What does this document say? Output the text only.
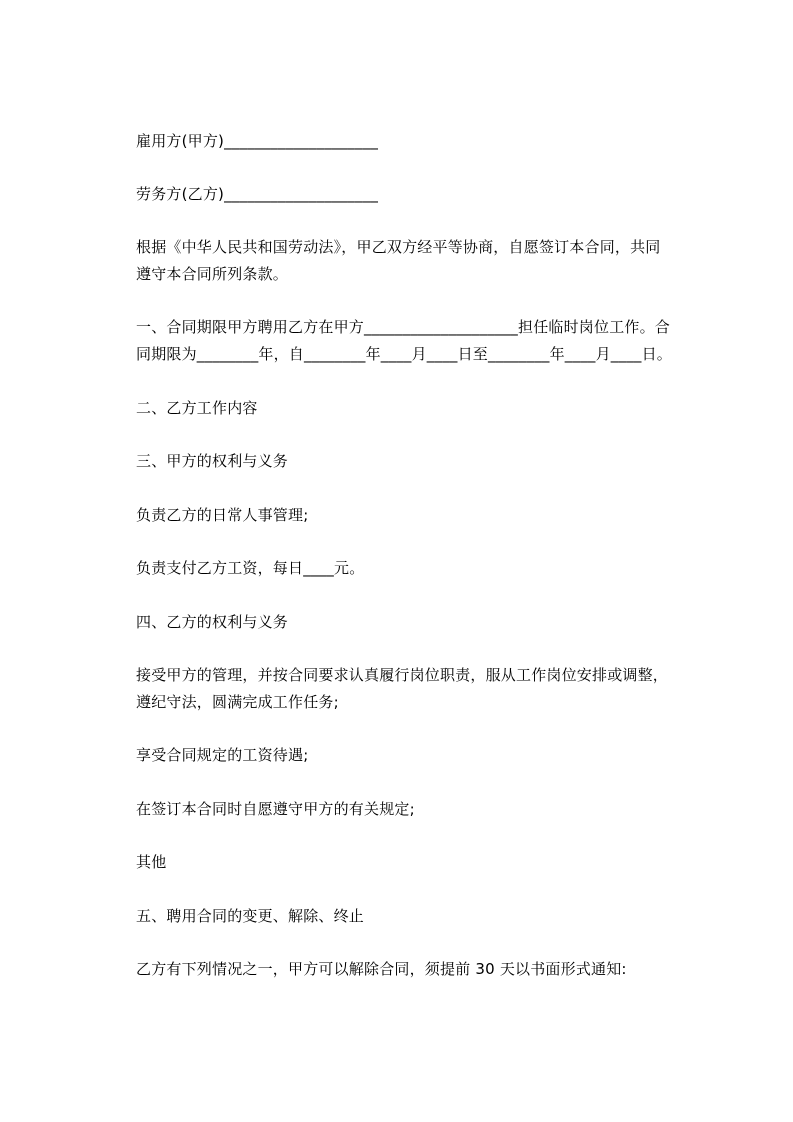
雇用方(甲方)____________________
劳务方(乙方)____________________
根据《中华人民共和国劳动法》，甲乙双方经平等协商，自愿签订本合同，共同
遵守本合同所列条款。
一、合同期限甲方聘用乙方在甲方____________________担任临时岗位工作。合
同期限为________年，自________年____月____日至________年____月____日。
二、乙方工作内容
三、甲方的权利与义务
负责乙方的日常人事管理;
负责支付乙方工资，每日____元。
四、乙方的权利与义务
接受甲方的管理，并按合同要求认真履行岗位职责，服从工作岗位安排或调整，
遵纪守法，圆满完成工作任务;
享受合同规定的工资待遇;
在签订本合同时自愿遵守甲方的有关规定;
其他
五、聘用合同的变更、解除、终止
乙方有下列情况之一，甲方可以解除合同，须提前 30 天以书面形式通知:
